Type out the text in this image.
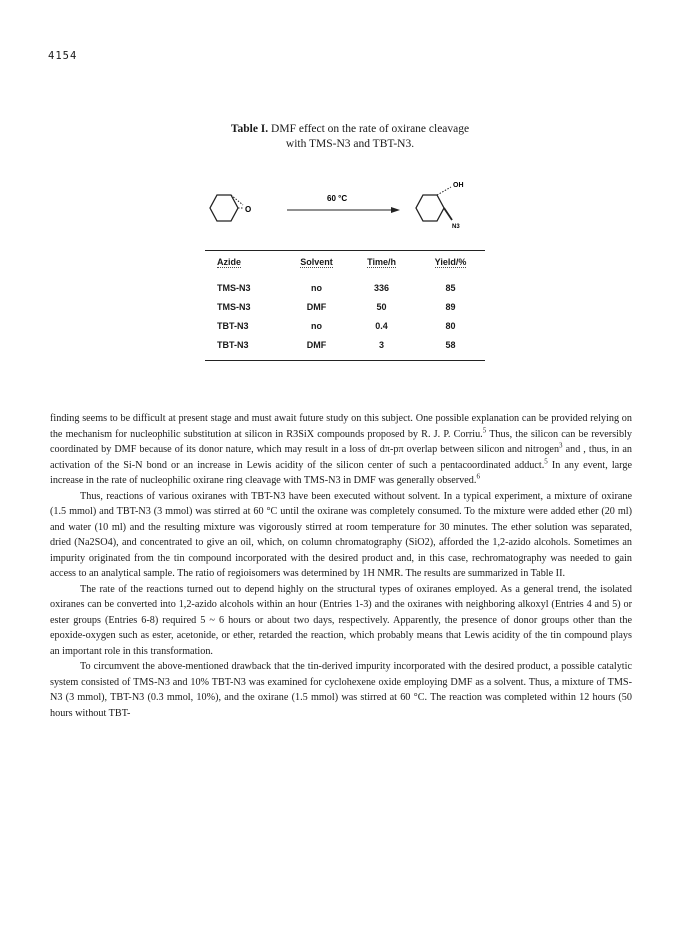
4154
Table I. DMF effect on the rate of oxirane cleavage
with TMS-N3 and TBT-N3.
O
60 °C
OH
N3
Azide	Solvent	Time/h	Yield/%
TMS-N3	no	336	85
TMS-N3	DMF	50	89
TBT-N3	no	0.4	80
TBT-N3	DMF	3	58

finding seems to be difficult at present stage and must await future study on this subject. One possible explanation can be provided relying on the mechanism for nucleophilic substitution at silicon in R3SiX compounds proposed by R. J. P. Corriu.$^5$ Thus, the silicon can be reversibly coordinated by DMF because of its donor nature, which may result in a loss of dπ-pπ overlap between silicon and nitrogen$^3$ and , thus, in an activation of the Si-N bond or an increase in Lewis acidity of the silicon center of such a pentacoordinated adduct.$^5$ In any event, large increase in the rate of nucleophilic oxirane ring cleavage with TMS-N3 in DMF was generally observed.$^6$

Thus, reactions of various oxiranes with TBT-N3 have been executed without solvent. In a typical experiment, a mixture of oxirane (1.5 mmol) and TBT-N3 (3 mmol) was stirred at 60 °C until the oxirane was completely consumed. To the mixture were added ether (20 ml) and water (10 ml) and the resulting mixture was vigorously stirred at room temperature for 30 minutes. The ether solution was separated, dried (Na2SO4), and concentrated to give an oil, which, on column chromatography (SiO2), afforded the 1,2-azido alcohols. Sometimes an impurity originated from the tin compound incorporated with the desired product and, in this case, rechromatography was needed to gain access to an analytical sample. The ratio of regioisomers was determined by 1H NMR. The results are summarized in Table II.

The rate of the reactions turned out to depend highly on the structural types of oxiranes employed. As a general trend, the isolated oxiranes can be converted into 1,2-azido alcohols within an hour (Entries 1-3) and the oxiranes with neighboring alkoxyl (Entries 4 and 5) or ester groups (Entries 6-8) required 5 ~ 6 hours or about two days, respectively. Apparently, the presence of donor groups other than the epoxide-oxygen such as ester, acetonide, or ether, retarded the reaction, which probably means that Lewis acidity of the tin compound plays an important role in this transformation.

To circumvent the above-mentioned drawback that the tin-derived impurity incorporated with the desired product, a possible catalytic system consisted of TMS-N3 and 10% TBT-N3 was examined for cyclohexene oxide employing DMF as a solvent. Thus, a mixture of TMS-N3 (3 mmol), TBT-N3 (0.3 mmol, 10%), and the oxirane (1.5 mmol) was stirred at 60 °C. The reaction was completed within 12 hours (50 hours without TBT-
